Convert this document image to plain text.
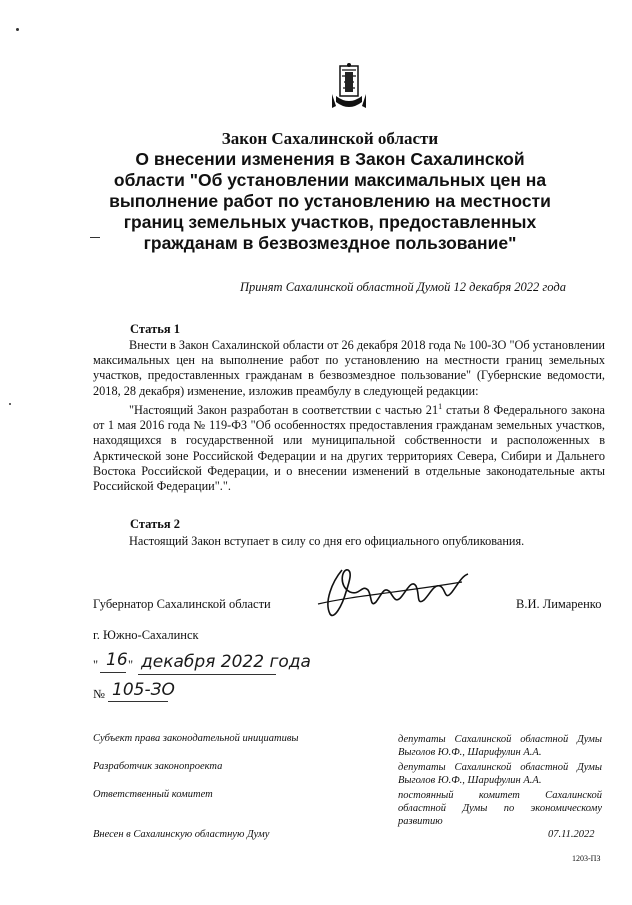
Закон Сахалинской области
О внесении изменения в Закон Сахалинской
области "Об установлении максимальных цен на
выполнение работ по установлению на местности
границ земельных участков, предоставленных
гражданам в безвозмездное пользование"
Принят Сахалинской областной Думой 12 декабря 2022 года
Статья 1

Внести в Закон Сахалинской области от 26 декабря 2018 года № 100-ЗО "Об установлении максимальных цен на выполнение работ по установлению на местности границ земельных участков, предоставленных гражданам в безвозмездное пользование" (Губернские ведомости, 2018, 28 декабря) изменение, изложив преамбулу в следующей редакции:

"Настоящий Закон разработан в соответствии с частью $21^1$ статьи 8 Федерального закона от 1 мая 2016 года № 119-ФЗ "Об особенностях предоставления гражданам земельных участков, находящихся в государственной или муниципальной собственности и расположенных в Арктической зоне Российской Федерации и на других территориях Севера, Сибири и Дальнего Востока Российской Федерации, и о внесении изменений в отдельные законодательные акты Российской Федерации".".

Статья 2

Настоящий Закон вступает в силу со дня его официального опубликования.

Губернатор Сахалинской области	В.И. Лимаренко
г. Южно-Сахалинск
" 16 " декабря 2022 года
№ 105-ЗО
Субъект права законодательной инициативы	депутаты Сахалинской областной Думы Выголов Ю.Ф., Шарифулин А.А.
Разработчик законопроекта	депутаты Сахалинской областной Думы Выголов Ю.Ф., Шарифулин А.А.
Ответственный комитет	постоянный комитет Сахалинской областной Думы по экономическому развитию
Внесен в Сахалинскую областную Думу	07.11.2022
1203-ПЗ
